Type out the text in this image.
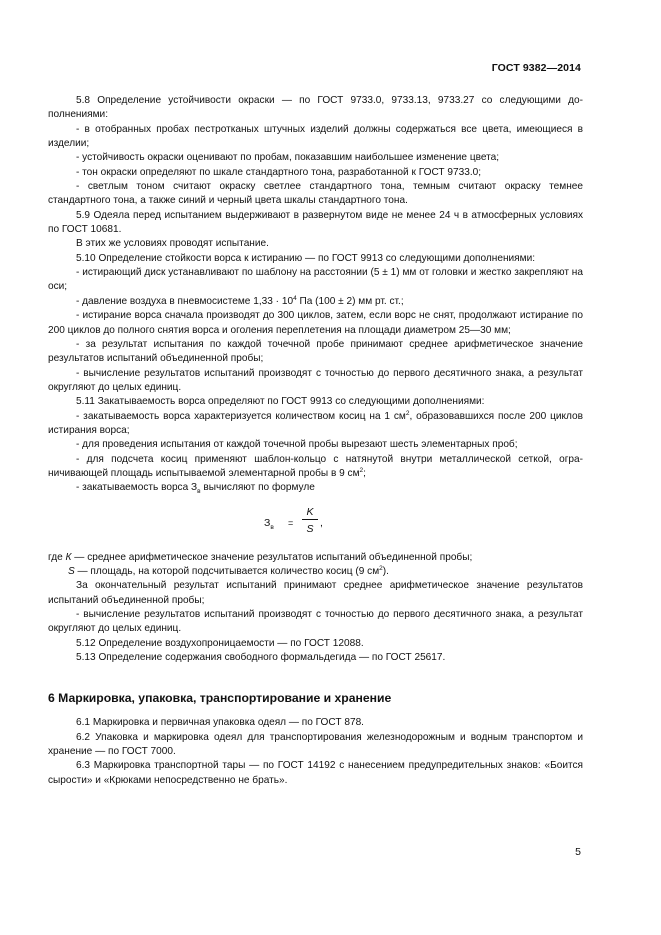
ГОСТ 9382—2014

5.8 Определение устойчивости окраски — по ГОСТ 9733.0, 9733.13, 9733.27 со следующими дополнениями:

- в отобранных пробах пестротканых штучных изделий должны содержаться все цвета, имеющиеся в изделии;

- устойчивость окраски оценивают по пробам, показавшим наибольшее изменение цвета;

- тон окраски определяют по шкале стандартного тона, разработанной к ГОСТ 9733.0;

- светлым тоном считают окраску светлее стандартного тона, темным считают окраску темнее стандартного тона, а также синий и черный цвета шкалы стандартного тона.

5.9 Одеяла перед испытанием выдерживают в развернутом виде не менее 24 ч в атмосферных условиях по ГОСТ 10681.

В этих же условиях проводят испытание.

5.10 Определение стойкости ворса к истиранию — по ГОСТ 9913 со следующими дополнениями:

- истирающий диск устанавливают по шаблону на расстоянии (5 ± 1) мм от головки и жестко закрепляют на оси;

- давление воздуха в пневмосистеме $1,33 \cdot 10^4$ Па (100 ± 2) мм рт. ст.;

- истирание ворса сначала производят до 300 циклов, затем, если ворс не снят, продолжают истирание по 200 циклов до полного снятия ворса и оголения переплетения на площади диаметром 25—30 мм;

- за результат испытания по каждой точечной пробе принимают среднее арифметическое значение результатов испытаний объединенной пробы;

- вычисление результатов испытаний производят с точностью до первого десятичного знака, а результат округляют до целых единиц.

5.11 Закатываемость ворса определяют по ГОСТ 9913 со следующими дополнениями:

- закатываемость ворса характеризуется количеством косиц на 1 $см^2$, образовавшихся после 200 циклов истирания ворса;

- для проведения испытания от каждой точечной пробы вырезают шесть элементарных проб;

- для подсчета косиц применяют шаблон-кольцо с натянутой внутри металлической сеткой, ограничивающей площадь испытываемой элементарной пробы в 9 $см^2$;

- закатываемость ворса $З_в$ вычисляют по формуле

$З_в$ =
K
S ,

где К — среднее арифметическое значение результатов испытаний объединенной пробы;

S — площадь, на которой подсчитывается количество косиц (9 $см^2$).

За окончательный результат испытаний принимают среднее арифметическое значение результатов испытаний объединенной пробы;

- вычисление результатов испытаний производят с точностью до первого десятичного знака, а результат округляют до целых единиц.

5.12 Определение воздухопроницаемости — по ГОСТ 12088.

5.13 Определение содержания свободного формальдегида — по ГОСТ 25617.

6 Маркировка, упаковка, транспортирование и хранение

6.1 Маркировка и первичная упаковка одеял — по ГОСТ 878.

6.2 Упаковка и маркировка одеял для транспортирования железнодорожным и водным транспортом и хранение — по ГОСТ 7000.

6.3 Маркировка транспортной тары — по ГОСТ 14192 с нанесением предупредительных знаков: «Боится сырости» и «Крюками непосредственно не брать».

5
